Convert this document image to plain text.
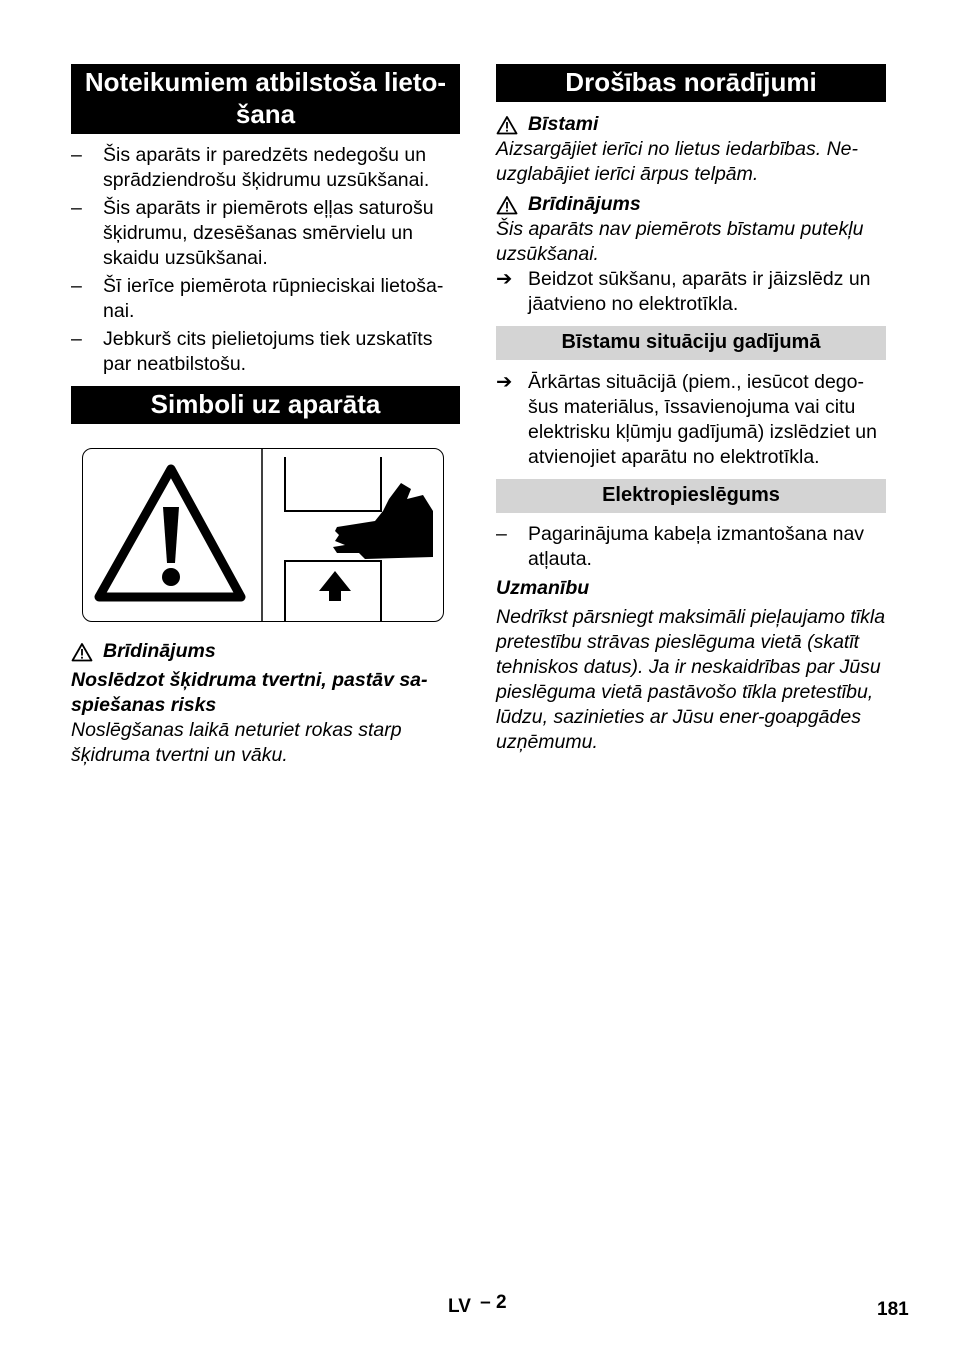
Noteikumiem atbilstoša lieto-
šana
– Šis aparāts ir paredzēts nedegošu un sprādziendrošu šķidrumu uzsūkšanai.
– Šis aparāts ir piemērots eļļas saturošu šķidrumu, dzesēšanas smērvielu un skaidu uzsūkšanai.
– Šī ierīce piemērota rūpnieciskai lietoša-nai.
– Jebkurš cits pielietojums tiek uzskatīts par neatbilstošu.
Simboli uz aparāta
Brīdinājums

Noslēdzot šķidruma tvertni, pastāv sa-spiešanas risks

Noslēgšanas laikā neturiet rokas starp šķidruma tvertni un vāku.

Drošības norādījumi
Bīstami

Aizsargājiet ierīci no lietus iedarbības. Ne-uzglabājiet ierīci ārpus telpām.

Brīdinājums

Šis aparāts nav piemērots bīstamu putekļu uzsūkšanai.

➔ Beidzot sūkšanu, aparāts ir jāizslēdz un jāatvieno no elektrotīkla.
Bīstamu situāciju gadījumā
➔ Ārkārtas situācijā (piem., iesūcot dego-šus materiālus, īssavienojuma vai citu elektrisku kļūmju gadījumā) izslēdziet un atvienojiet aparātu no elektrotīkla.
Elektropieslēgums
– Pagarinājuma kabeļa izmantošana nav atļauta.

Uzmanību

Nedrīkst pārsniegt maksimāli pieļaujamo tīkla pretestību strāvas pieslēguma vietā (skatīt tehniskos datus). Ja ir neskaidrības par Jūsu pieslēguma vietā pastāvošo tīkla pretestību, lūdzu, sazinieties ar Jūsu ener-goapgādes uzņēmumu.

LV – 2	181
